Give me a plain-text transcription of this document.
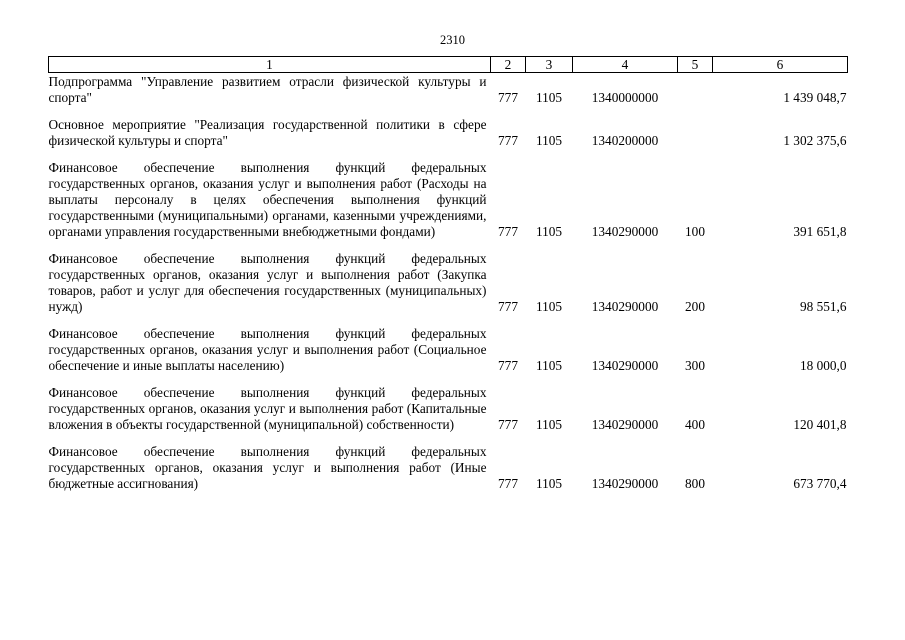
2310
1	2	3	4	5	6

Подпрограмма "Управление развитием отрасли физической культуры и спорта"	777	1105	1340000000		1 439 048,7

Основное мероприятие "Реализация государственной политики в сфере физической культуры и спорта"	777	1105	1340200000		1 302 375,6

Финансовое обеспечение выполнения функций федеральных государственных органов, оказания услуг и выполнения работ (Расходы на выплаты персоналу в целях обеспечения выполнения функций государственными (муниципальными) органами, казенными учреждениями, органами управления государственными внебюджетными фондами)	777	1105	1340290000	100	391 651,8

Финансовое обеспечение выполнения функций федеральных государственных органов, оказания услуг и выполнения работ (Закупка товаров, работ и услуг для обеспечения государственных (муниципальных) нужд)	777	1105	1340290000	200	98 551,6

Финансовое обеспечение выполнения функций федеральных государственных органов, оказания услуг и выполнения работ (Социальное обеспечение и иные выплаты населению)	777	1105	1340290000	300	18 000,0

Финансовое обеспечение выполнения функций федеральных государственных органов, оказания услуг и выполнения работ (Капитальные вложения в объекты государственной (муниципальной) собственности)	777	1105	1340290000	400	120 401,8

Финансовое обеспечение выполнения функций федеральных государственных органов, оказания услуг и выполнения работ (Иные бюджетные ассигнования)	777	1105	1340290000	800	673 770,4
